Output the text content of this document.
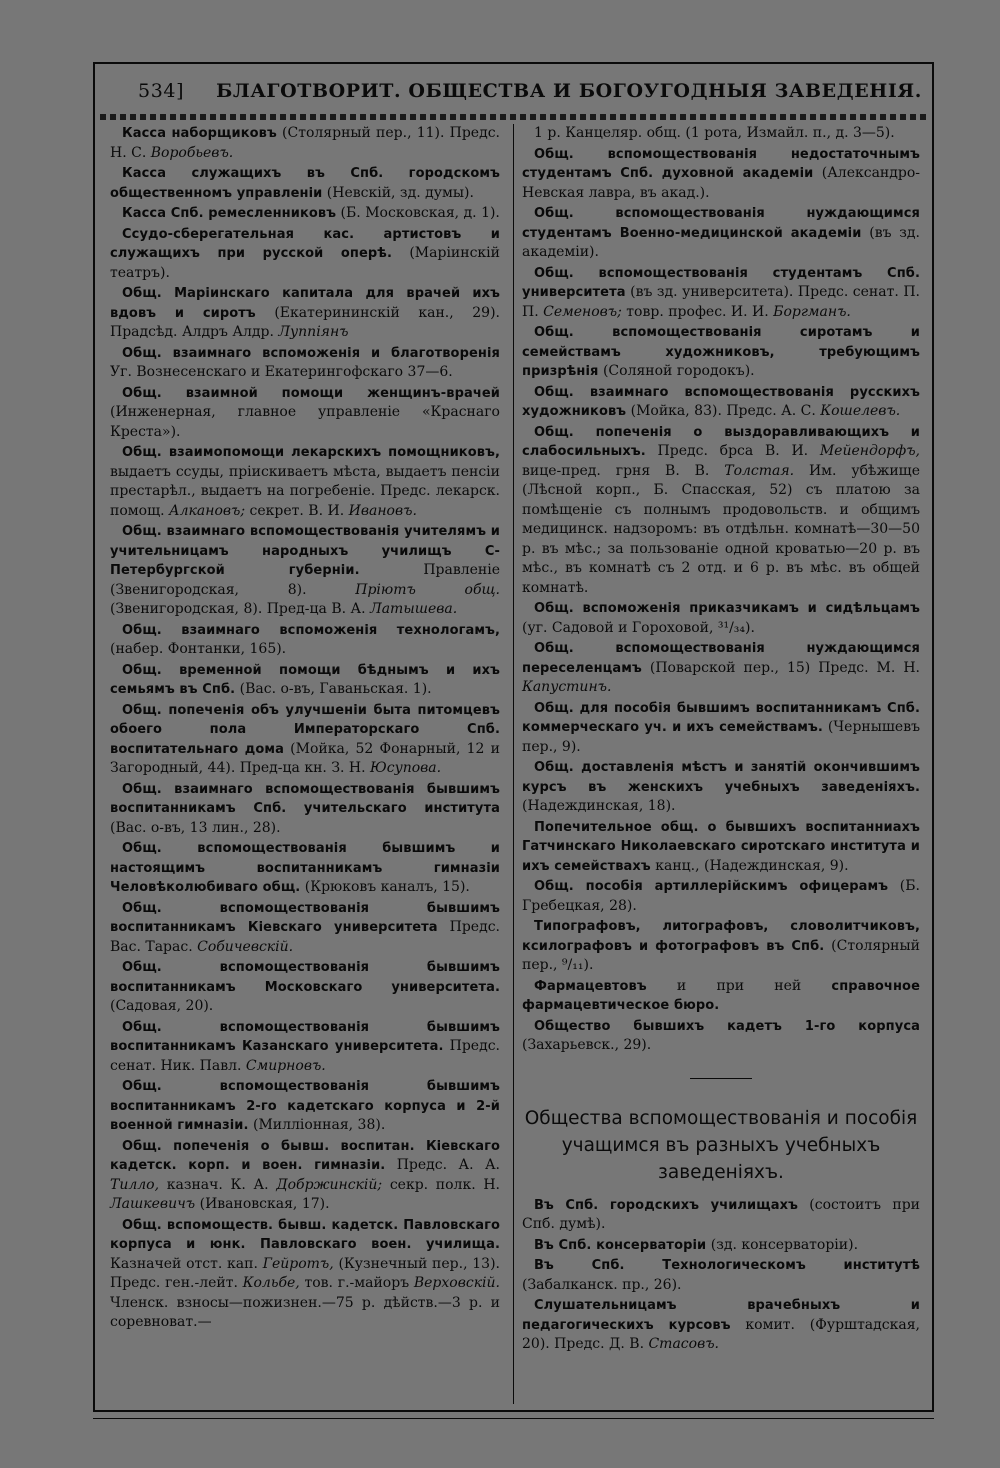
534] БЛАГОТВОРИТ. ОБЩЕСТВА И БОГОУГОДНЫЯ ЗАВЕДЕНІЯ.

Касса наборщиковъ (Столярный пер., 11). Предс. Н. С. Воробьевъ.

Касса служащихъ въ Спб. городскомъ общественномъ управленіи (Невскій, зд. думы).

Касса Спб. ремесленниковъ (Б. Московская, д. 1).

Ссудо-сберегательная кас. артистовъ и служащихъ при русской оперѣ. (Маріинскій театръ).

Общ. Маріинскаго капитала для врачей ихъ вдовъ и сиротъ (Екатерининскій кан., 29). Прадсѣд. Алдръ Алдр. Луппіянъ

Общ. взаимнаго вспоможенія и благотворенія Уг. Вознесенскаго и Екатерингофскаго 37—6.

Общ. взаимной помощи женщинъ-врачей (Инженерная, главное управленіе «Краснаго Креста»).

Общ. взаимопомощи лекарскихъ помощниковъ, выдаетъ ссуды, пріискиваетъ мѣста, выдаетъ пенсіи престарѣл., выдаетъ на погребеніе. Предс. лекарск. помощ. Алкановъ; секрет. В. И. Ивановъ.

Общ. взаимнаго вспомоществованія учителямъ и учительницамъ народныхъ училищъ С-Петербургской губерніи. Правленіе (Звенигородская, 8). Пріютъ общ. (Звенигородская, 8). Пред-ца В. А. Латышева.

Общ. взаимнаго вспоможенія технологамъ, (набер. Фонтанки, 165).

Общ. временной помощи бѣднымъ и ихъ семьямъ въ Спб. (Вас. о-въ, Гаваньская. 1).

Общ. попеченія объ улучшеніи быта питомцевъ обоего пола Императорскаго Спб. воспитательнаго дома (Мойка, 52 Фонарный, 12 и Загородный, 44). Пред-ца кн. З. Н. Юсупова.

Общ. взаимнаго вспомоществованія бывшимъ воспитанникамъ Спб. учительскаго института (Вас. о-въ, 13 лин., 28).

Общ. вспомоществованія бывшимъ и настоящимъ воспитанникамъ гимназіи Человѣколюбиваго общ. (Крюковъ каналъ, 15).

Общ. вспомоществованія бывшимъ воспитанникамъ Кіевскаго университета Предс. Вас. Тарас. Собичевскій.

Общ. вспомоществованія бывшимъ воспитанникамъ Московскаго университета. (Садовая, 20).

Общ. вспомоществованія бывшимъ воспитанникамъ Казанскаго университета. Предс. сенат. Ник. Павл. Смирновъ.

Общ. вспомоществованія бывшимъ воспитанникамъ 2-го кадетскаго корпуса и 2-й военной гимназіи. (Милліонная, 38).

Общ. попеченія о бывш. воспитан. Кіевскаго кадетск. корп. и воен. гимназіи. Предс. А. А. Тилло, казнач. К. А. Добржинскій; секр. полк. Н. Лашкевичъ (Ивановская, 17).

Общ. вспомоществ. бывш. кадетск. Павловскаго корпуса и юнк. Павловскаго воен. училища. Казначей отст. кап. Гейротъ, (Кузнечный пер., 13). Предс. ген.-лейт. Кольбе, тов. г.-майоръ Верховскій. Членск. взносы—пожизнен.—75 р. дѣйств.—3 р. и соревноват.—

1 р. Канцеляр. общ. (1 рота, Измайл. п., д. 3—5).

Общ. вспомоществованія недостаточнымъ студентамъ Спб. духовной академіи (Александро-Невская лавра, въ акад.).

Общ. вспомоществованія нуждающимся студентамъ Военно-медицинской академіи (въ зд. академіи).

Общ. вспомоществованія студентамъ Спб. университета (въ зд. университета). Предс. сенат. П. П. Семеновъ; товр. профес. И. И. Боргманъ.

Общ. вспомоществованія сиротамъ и семействамъ художниковъ, требующимъ призрѣнія (Соляной городокъ).

Общ. взаимнаго вспомоществованія русскихъ художниковъ (Мойка, 83). Предс. А. С. Кошелевъ.

Общ. попеченія о выздоравливающихъ и слабосильныхъ. Предс. брса В. И. Мейендорфъ, вице-пред. грня В. В. Толстая. Им. убѣжище (Лѣсной корп., Б. Спасская, 52) съ платою за помѣщеніе съ полнымъ продовольств. и общимъ медицинск. надзоромъ: въ отдѣльн. комнатѣ—30—50 р. въ мѣс.; за пользованіе одной кроватью—20 р. въ мѣс., въ комнатѣ съ 2 отд. и 6 р. въ мѣс. въ общей комнатѣ.

Общ. вспоможенія приказчикамъ и сидѣльцамъ (уг. Садовой и Гороховой, ³¹/₃₄).

Общ. вспомоществованія нуждающимся переселенцамъ (Поварской пер., 15) Предс. М. Н. Капустинъ.

Общ. для пособія бывшимъ воспитанникамъ Спб. коммерческаго уч. и ихъ семействамъ. (Чернышевъ пер., 9).

Общ. доставленія мѣстъ и занятій окончившимъ курсъ въ женскихъ учебныхъ заведеніяхъ. (Надеждинская, 18).

Попечительное общ. о бывшихъ воспитанниахъ Гатчинскаго Николаевскаго сиротскаго института и ихъ семействахъ канц., (Надеждинская, 9).

Общ. пособія артиллерійскимъ офицерамъ (Б. Гребецкая, 28).

Типографовъ, литографовъ, словолитчиковъ, ксилографовъ и фотографовъ въ Спб. (Столярный пер., ⁹/₁₁).

Фармацевтовъ и при ней справочное фармацевтическое бюро.

Общество бывшихъ кадетъ 1-го корпуса (Захарьевск., 29).

Общества вспомоществованія и пособія учащимся въ разныхъ учебныхъ заведеніяхъ.

Въ Спб. городскихъ училищахъ (состоитъ при Спб. думѣ).

Въ Спб. консерваторіи (зд. консерваторіи).

Въ Спб. Технологическомъ институтѣ (Забалканск. пр., 26).

Слушательницамъ врачебныхъ и педагогическихъ курсовъ комит. (Фурштадская, 20). Предс. Д. В. Стасовъ.
